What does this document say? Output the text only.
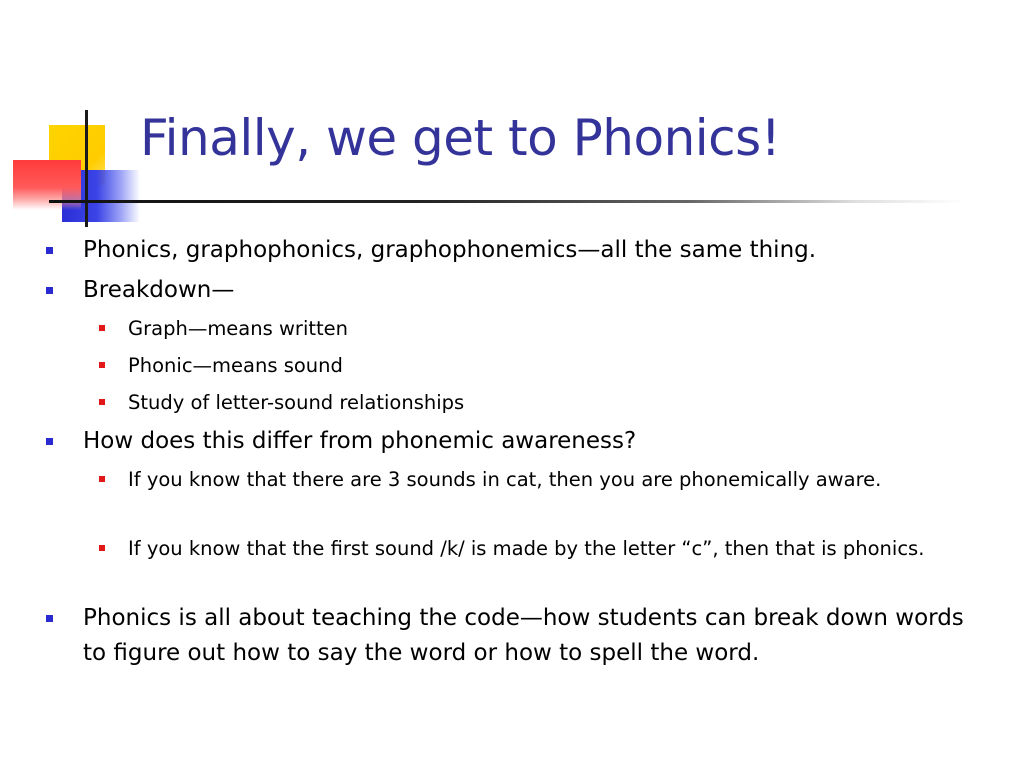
Finally, we get to Phonics!
Phonics, graphophonics, graphophonemics—all the same thing.
Breakdown—
Graph—means written
Phonic—means sound
Study of letter-sound relationships
How does this differ from phonemic awareness?
If you know that there are 3 sounds in cat, then you are phonemically aware.
If you know that the first sound /k/ is made by the letter “c”, then that is phonics.
Phonics is all about teaching the code—how students can break down words to figure out how to say the word or how to spell the word.
